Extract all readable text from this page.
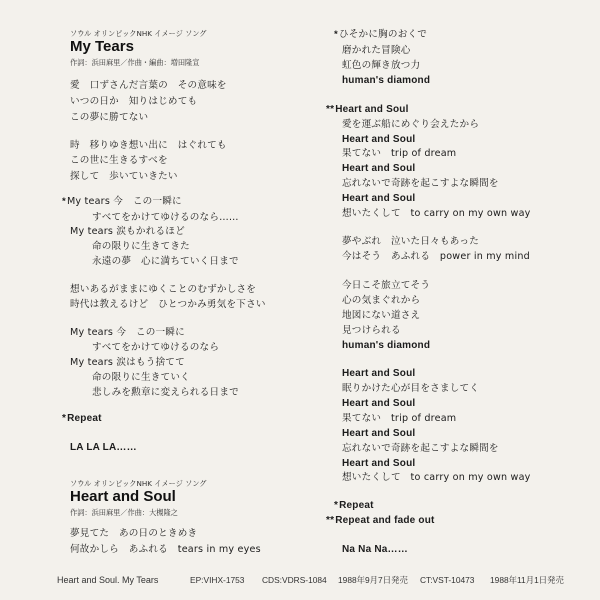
ソウル オリンピックNHK イメージ ソング
My Tears
作詞：浜田麻里／作曲・編曲：増田隆宣
愛　口ずさんだ言葉の　その意味を
いつの日か　知りはじめても
この夢に勝てない
時　移りゆき想い出に　はぐれても
この世に生きるすべを
探して　歩いていきたい
*My tears 今　この一瞬に
すべてをかけてゆけるのなら……
My tears 涙もかれるほど
命の限りに生きてきた
永遠の夢　心に満ちていく日まで
想いあるがままにゆくことのむずかしさを
時代は教えるけど　ひとつかみ勇気を下さい
My tears 今　この一瞬に
すべてをかけてゆけるのなら
My tears 涙はもう捨てて
命の限りに生きていく
悲しみを勲章に変えられる日まで
*Repeat
LA LA LA……
ソウル オリンピックNHK イメージ ソング
Heart and Soul
作詞：浜田麻里／作曲：大槻隆之
夢見てた　あの日のときめき
何故かしら　あふれる　tears in my eyes
*ひそかに胸のおくで
磨かれた冒険心
虹色の輝き放つ力
human's diamond
**Heart and Soul
愛を運ぶ船にめぐり会えたから
Heart and Soul
果てない　trip of dream
Heart and Soul
忘れないで奇跡を起こすよな瞬間を
Heart and Soul
想いたくして　to carry on my own way
夢やぶれ　泣いた日々もあった
今はそう　あふれる　power in my mind
今日こそ旅立てそう
心の気まぐれから
地図にない道さえ
見つけられる
human's diamond
Heart and Soul
眠りかけた心が目をさましてく
Heart and Soul
果てない　trip of dream
Heart and Soul
忘れないで奇跡を起こすよな瞬間を
Heart and Soul
想いたくして　to carry on my own way
*Repeat
**Repeat and fade out
Na Na Na……
Heart and Soul. My Tears	EP:VIHX-1753 CDS:VDRS-1084 1988年9月7日発売 CT:VST-10473 1988年11月1日発売
